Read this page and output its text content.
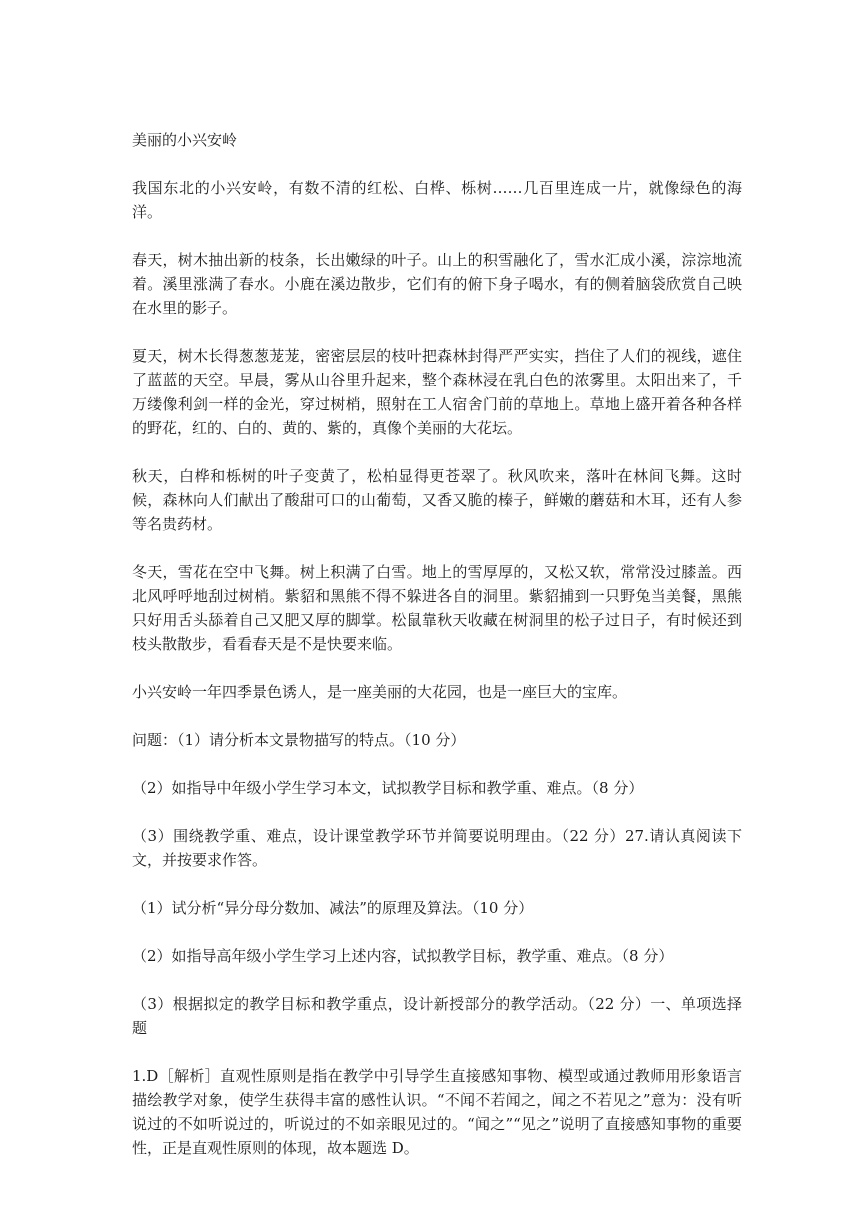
美丽的小兴安岭

我国东北的小兴安岭，有数不清的红松、白桦、栎树……几百里连成一片，就像绿色的海洋。

春天，树木抽出新的枝条，长出嫩绿的叶子。山上的积雪融化了，雪水汇成小溪，淙淙地流着。溪里涨满了春水。小鹿在溪边散步，它们有的俯下身子喝水，有的侧着脑袋欣赏自己映在水里的影子。

夏天，树木长得葱葱茏茏，密密层层的枝叶把森林封得严严实实，挡住了人们的视线，遮住了蓝蓝的天空。早晨，雾从山谷里升起来，整个森林浸在乳白色的浓雾里。太阳出来了，千万缕像利剑一样的金光，穿过树梢，照射在工人宿舍门前的草地上。草地上盛开着各种各样的野花，红的、白的、黄的、紫的，真像个美丽的大花坛。

秋天，白桦和栎树的叶子变黄了，松柏显得更苍翠了。秋风吹来，落叶在林间飞舞。这时候，森林向人们献出了酸甜可口的山葡萄，又香又脆的榛子，鲜嫩的蘑菇和木耳，还有人参等名贵药材。

冬天，雪花在空中飞舞。树上积满了白雪。地上的雪厚厚的，又松又软，常常没过膝盖。西北风呼呼地刮过树梢。紫貂和黑熊不得不躲进各自的洞里。紫貂捕到一只野兔当美餐，黑熊只好用舌头舔着自己又肥又厚的脚掌。松鼠靠秋天收藏在树洞里的松子过日子，有时候还到枝头散散步，看看春天是不是快要来临。

小兴安岭一年四季景色诱人，是一座美丽的大花园，也是一座巨大的宝库。

问题：（1）请分析本文景物描写的特点。（10 分）

（2）如指导中年级小学生学习本文，试拟教学目标和教学重、难点。（8 分）

（3）围绕教学重、难点，设计课堂教学环节并简要说明理由。（22 分）27.请认真阅读下文，并按要求作答。

（1）试分析“异分母分数加、减法”的原理及算法。（10 分）

（2）如指导高年级小学生学习上述内容，试拟教学目标，教学重、难点。（8 分）

（3）根据拟定的教学目标和教学重点，设计新授部分的教学活动。（22 分）一、单项选择题

1.D［解析］直观性原则是指在教学中引导学生直接感知事物、模型或通过教师用形象语言描绘教学对象，使学生获得丰富的感性认识。“不闻不若闻之，闻之不若见之”意为：没有听说过的不如听说过的，听说过的不如亲眼见过的。“闻之”“见之”说明了直接感知事物的重要性，正是直观性原则的体现，故本题选 D。
